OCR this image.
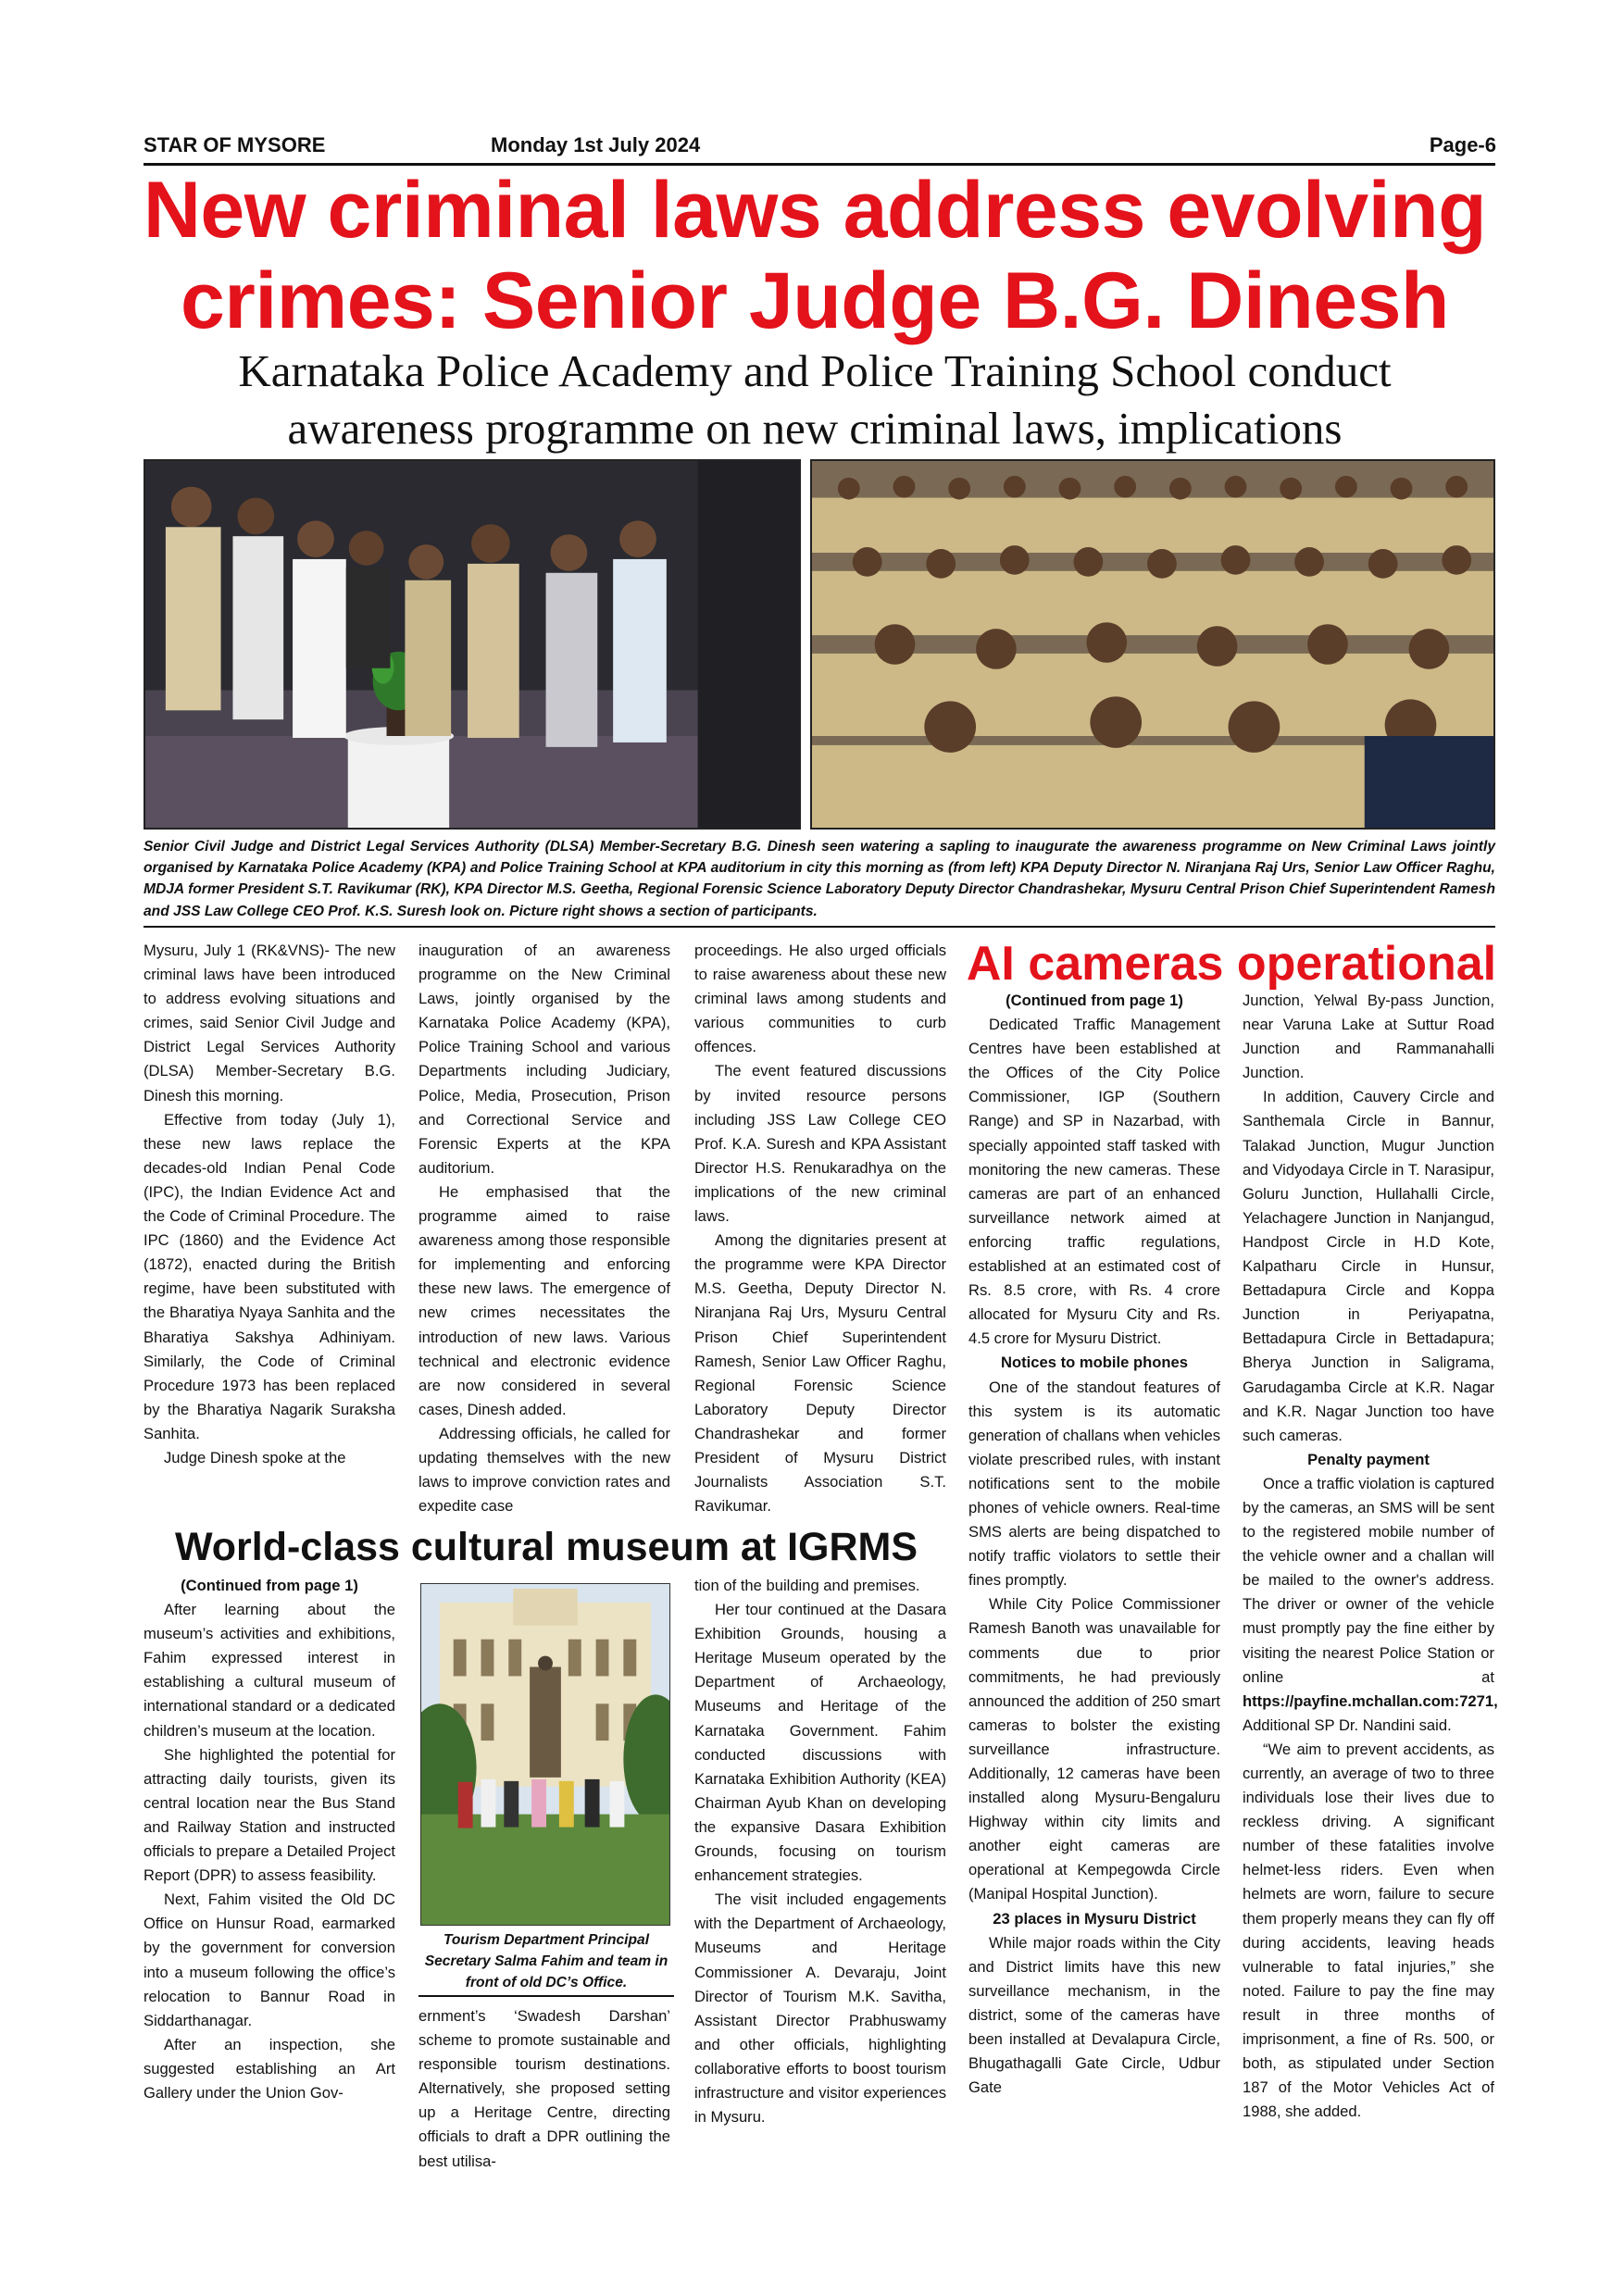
STAR OF MYSORE	Monday 1st July 2024	Page-6
New criminal laws address evolving
crimes: Senior Judge B.G. Dinesh
Karnataka Police Academy and Police Training School conduct
awareness programme on new criminal laws, implications
Senior Civil Judge and District Legal Services Authority (DLSA) Member-Secretary B.G. Dinesh seen watering a sapling to inaugurate the awareness programme on New Criminal Laws jointly organised by Karnataka Police Academy (KPA) and Police Training School at KPA auditorium in city this morning as (from left) KPA Deputy Director N. Niranjana Raj Urs, Senior Law Officer Raghu, MDJA former President S.T. Ravikumar (RK), KPA Director M.S. Geetha, Regional Forensic Science Laboratory Deputy Director Chandrashekar, Mysuru Central Prison Chief Superintendent Ramesh and JSS Law College CEO Prof. K.S. Suresh look on. Picture right shows a section of participants.

Mysuru, July 1 (RK&VNS)- The new criminal laws have been introduced to address evolving situations and crimes, said Senior Civil Judge and District Legal Services Authority (DLSA) Member-Secretary B.G. Dinesh this morning.

Effective from today (July 1), these new laws replace the decades-old Indian Penal Code (IPC), the Indian Evidence Act and the Code of Criminal Procedure. The IPC (1860) and the Evidence Act (1872), enacted during the British regime, have been substituted with the Bharatiya Nyaya Sanhita and the Bharatiya Sakshya Adhiniyam. Similarly, the Code of Criminal Procedure 1973 has been replaced by the Bharatiya Nagarik Suraksha Sanhita.

Judge Dinesh spoke at the

inauguration of an awareness programme on the New Criminal Laws, jointly organised by the Karnataka Police Academy (KPA), Police Training School and various Departments including Judiciary, Police, Media, Prosecution, Prison and Correctional Service and Forensic Experts at the KPA auditorium.

He emphasised that the programme aimed to raise awareness among those responsible for implementing and enforcing these new laws. The emergence of new crimes necessitates the introduction of new laws. Various technical and electronic evidence are now considered in several cases, Dinesh added.

Addressing officials, he called for updating themselves with the new laws to improve conviction rates and expedite case

proceedings. He also urged officials to raise awareness about these new criminal laws among students and various communities to curb offences.

The event featured discussions by invited resource persons including JSS Law College CEO Prof. K.A. Suresh and KPA Assistant Director H.S. Renukaradhya on the implications of the new criminal laws.

Among the dignitaries present at the programme were KPA Director M.S. Geetha, Deputy Director N. Niranjana Raj Urs, Mysuru Central Prison Chief Superintendent Ramesh, Senior Law Officer Raghu, Regional Forensic Science Laboratory Deputy Director Chandrashekar and former President of Mysuru District Journalists Association S.T. Ravikumar.

AI cameras operational
(Continued from page 1)

Dedicated Traffic Management Centres have been established at the Offices of the City Police Commissioner, IGP (Southern Range) and SP in Nazarbad, with specially appointed staff tasked with monitoring the new cameras. These cameras are part of an enhanced surveillance network aimed at enforcing traffic regulations, established at an estimated cost of Rs. 8.5 crore, with Rs. 4 crore allocated for Mysuru City and Rs. 4.5 crore for Mysuru District.

Notices to mobile phones

One of the standout features of this system is its automatic generation of challans when vehicles violate prescribed rules, with instant notifications sent to the mobile phones of vehicle owners. Real-time SMS alerts are being dispatched to notify traffic violators to settle their fines promptly.

While City Police Commissioner Ramesh Banoth was unavailable for comments due to prior commitments, he had previously announced the addition of 250 smart cameras to bolster the existing surveillance infrastructure. Additionally, 12 cameras have been installed along Mysuru-Bengaluru Highway within city limits and another eight cameras are operational at Kempegowda Circle (Manipal Hospital Junction).

23 places in Mysuru District

While major roads within the City and District limits have this new surveillance mechanism, in the district, some of the cameras have been installed at Devalapura Circle, Bhugathagalli Gate Circle, Udbur Gate

Junction, Yelwal By-pass Junction, near Varuna Lake at Suttur Road Junction and Rammanahalli Junction.

In addition, Cauvery Circle and Santhemala Circle in Bannur, Talakad Junction, Mugur Junction and Vidyodaya Circle in T. Narasipur, Goluru Junction, Hullahalli Circle, Yelachagere Junction in Nanjangud, Handpost Circle in H.D Kote, Kalpatharu Circle in Hunsur, Bettadapura Circle and Koppa Junction in Periyapatna, Bettadapura Circle in Bettadapura; Bherya Junction in Saligrama, Garudagamba Circle at K.R. Nagar and K.R. Nagar Junction too have such cameras.

Penalty payment

Once a traffic violation is captured by the cameras, an SMS will be sent to the registered mobile number of the vehicle owner and a challan will be mailed to the owner's address. The driver or owner of the vehicle must promptly pay the fine either by visiting the nearest Police Station or online at https://payfine.mchallan.com:7271, Additional SP Dr. Nandini said.

“We aim to prevent accidents, as currently, an average of two to three individuals lose their lives due to reckless driving. A significant number of these fatalities involve helmet-less riders. Even when helmets are worn, failure to secure them properly means they can fly off during accidents, leaving heads vulnerable to fatal injuries,” she noted. Failure to pay the fine may result in three months of imprisonment, a fine of Rs. 500, or both, as stipulated under Section 187 of the Motor Vehicles Act of 1988, she added.

World-class cultural museum at IGRMS
(Continued from page 1)

After learning about the museum’s activities and exhibitions, Fahim expressed interest in establishing a cultural museum of international standard or a dedicated children’s museum at the location.

She highlighted the potential for attracting daily tourists, given its central location near the Bus Stand and Railway Station and instructed officials to prepare a Detailed Project Report (DPR) to assess feasibility.

Next, Fahim visited the Old DC Office on Hunsur Road, earmarked by the government for conversion into a museum following the office’s relocation to Bannur Road in Siddarthanagar.

After an inspection, she suggested establishing an Art Gallery under the Union Gov-

Tourism Department Principal Secretary Salma Fahim and team in front of old DC’s Office.

ernment’s ‘Swadesh Darshan’ scheme to promote sustainable and responsible tourism destinations. Alternatively, she proposed setting up a Heritage Centre, directing officials to draft a DPR outlining the best utilisa-

tion of the building and premises.

Her tour continued at the Dasara Exhibition Grounds, housing a Heritage Museum operated by the Department of Archaeology, Museums and Heritage of the Karnataka Government. Fahim conducted discussions with Karnataka Exhibition Authority (KEA) Chairman Ayub Khan on developing the expansive Dasara Exhibition Grounds, focusing on tourism enhancement strategies.

The visit included engagements with the Department of Archaeology, Museums and Heritage Commissioner A. Devaraju, Joint Director of Tourism M.K. Savitha, Assistant Director Prabhuswamy and other officials, highlighting collaborative efforts to boost tourism infrastructure and visitor experiences in Mysuru.
